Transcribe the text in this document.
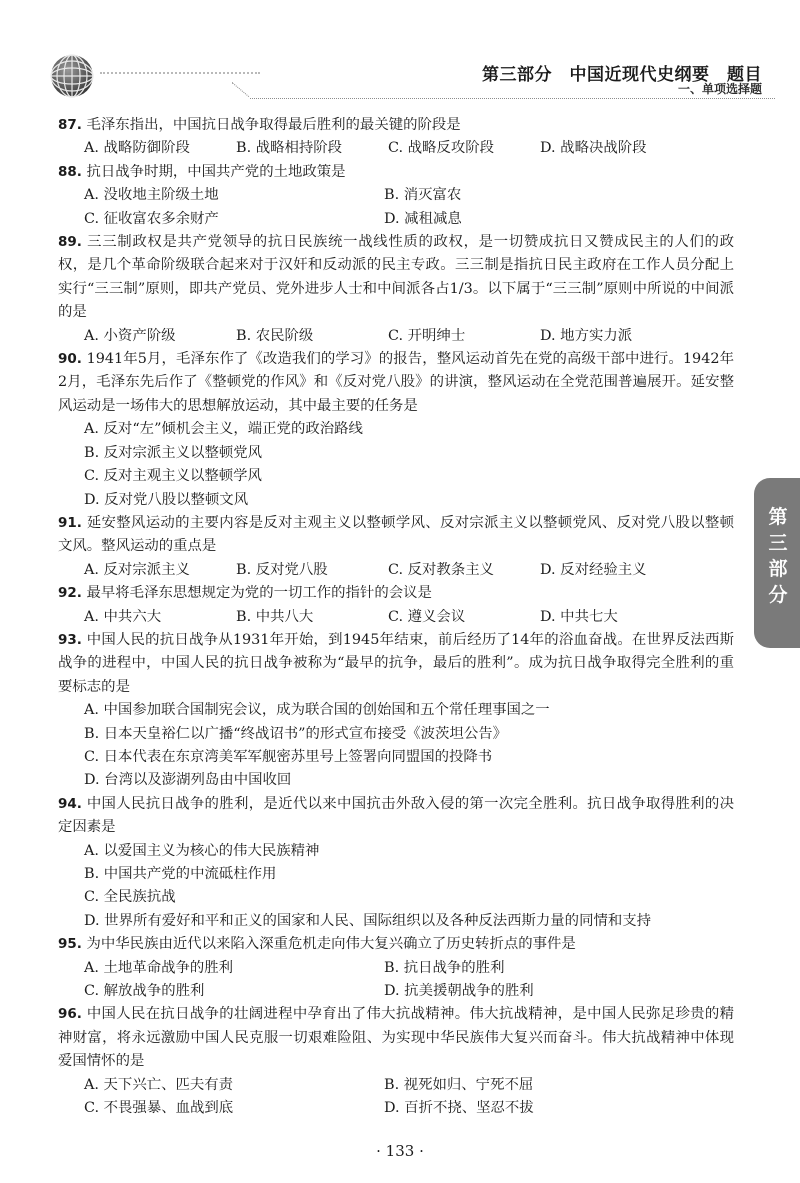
第三部分　中国近现代史纲要　题目
一、单项选择题
第三部分
87. 毛泽东指出，中国抗日战争取得最后胜利的最关键的阶段是
A. 战略防御阶段	B. 战略相持阶段	C. 战略反攻阶段	D. 战略决战阶段
88. 抗日战争时期，中国共产党的土地政策是
A. 没收地主阶级土地	B. 消灭富农
C. 征收富农多余财产	D. 减租减息
89. 三三制政权是共产党领导的抗日民族统一战线性质的政权，是一切赞成抗日又赞成民主的人们的政权，是几个革命阶级联合起来对于汉奸和反动派的民主专政。三三制是指抗日民主政府在工作人员分配上实行“三三制”原则，即共产党员、党外进步人士和中间派各占1/3。以下属于“三三制”原则中所说的中间派的是
A. 小资产阶级	B. 农民阶级	C. 开明绅士	D. 地方实力派
90. 1941年5月，毛泽东作了《改造我们的学习》的报告，整风运动首先在党的高级干部中进行。1942年2月，毛泽东先后作了《整顿党的作风》和《反对党八股》的讲演，整风运动在全党范围普遍展开。延安整风运动是一场伟大的思想解放运动，其中最主要的任务是
A. 反对“左”倾机会主义，端正党的政治路线
B. 反对宗派主义以整顿党风
C. 反对主观主义以整顿学风
D. 反对党八股以整顿文风
91. 延安整风运动的主要内容是反对主观主义以整顿学风、反对宗派主义以整顿党风、反对党八股以整顿文风。整风运动的重点是
A. 反对宗派主义	B. 反对党八股	C. 反对教条主义	D. 反对经验主义
92. 最早将毛泽东思想规定为党的一切工作的指针的会议是
A. 中共六大	B. 中共八大	C. 遵义会议	D. 中共七大
93. 中国人民的抗日战争从1931年开始，到1945年结束，前后经历了14年的浴血奋战。在世界反法西斯战争的进程中，中国人民的抗日战争被称为“最早的抗争，最后的胜利”。成为抗日战争取得完全胜利的重要标志的是
A. 中国参加联合国制宪会议，成为联合国的创始国和五个常任理事国之一
B. 日本天皇裕仁以广播“终战诏书”的形式宣布接受《波茨坦公告》
C. 日本代表在东京湾美军军舰密苏里号上签署向同盟国的投降书
D. 台湾以及澎湖列岛由中国收回
94. 中国人民抗日战争的胜利，是近代以来中国抗击外敌入侵的第一次完全胜利。抗日战争取得胜利的决定因素是
A. 以爱国主义为核心的伟大民族精神
B. 中国共产党的中流砥柱作用
C. 全民族抗战
D. 世界所有爱好和平和正义的国家和人民、国际组织以及各种反法西斯力量的同情和支持
95. 为中华民族由近代以来陷入深重危机走向伟大复兴确立了历史转折点的事件是
A. 土地革命战争的胜利	B. 抗日战争的胜利
C. 解放战争的胜利	D. 抗美援朝战争的胜利
96. 中国人民在抗日战争的壮阔进程中孕育出了伟大抗战精神。伟大抗战精神，是中国人民弥足珍贵的精神财富，将永远激励中国人民克服一切艰难险阻、为实现中华民族伟大复兴而奋斗。伟大抗战精神中体现爱国情怀的是
A. 天下兴亡、匹夫有责	B. 视死如归、宁死不屈
C. 不畏强暴、血战到底	D. 百折不挠、坚忍不拔
· 133 ·
